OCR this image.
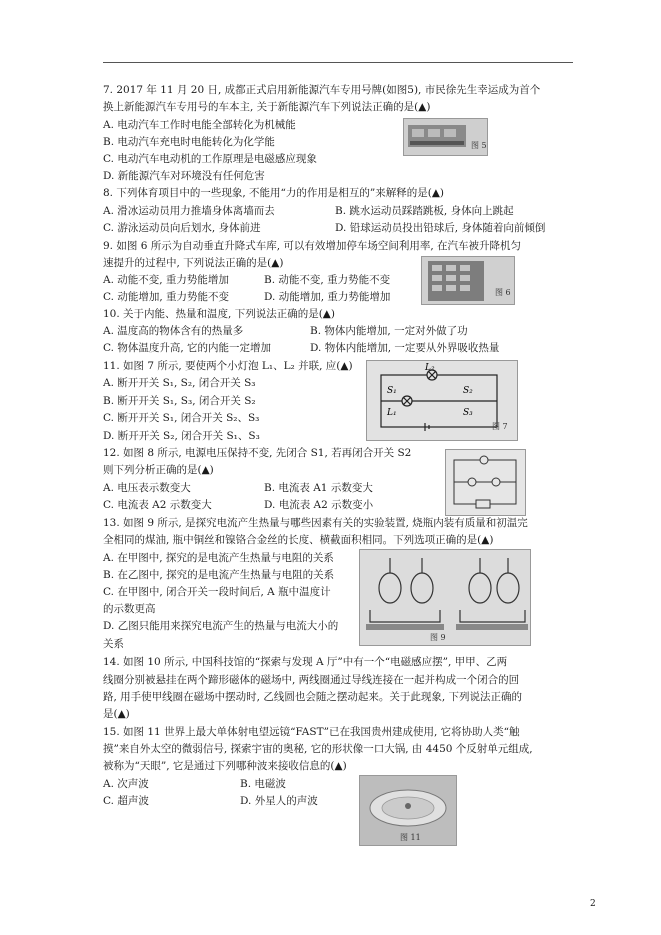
7. 2017 年 11 月 20 日, 成都正式启用新能源汽车专用号牌(如图5), 市民徐先生幸运成为首个
换上新能源汽车专用号的车本主, 关于新能源汽车下列说法正确的是(▲)
A. 电动汽车工作时电能全部转化为机械能
B. 电动汽车充电时电能转化为化学能
C. 电动汽车电动机的工作原理是电磁感应现象
D. 新能源汽车对环境没有任何危害
图 5
8. 下列体育项目中的一些现象, 不能用“力的作用是相互的”来解释的是(▲)
A. 滑冰运动员用力推墙身体离墙而去	B. 跳水运动员踩踏跳板, 身体向上跳起
C. 游泳运动员向后划水, 身体前进	D. 铅球运动员投出铅球后, 身体随着向前倾倒
9. 如图 6 所示为自动垂直升降式车库, 可以有效增加停车场空间利用率, 在汽车被升降机匀
速提升的过程中, 下列说法正确的是(▲)
A. 动能不变, 重力势能增加	B. 动能不变, 重力势能不变
C. 动能增加, 重力势能不变	D. 动能增加, 重力势能增加	图 6
10. 关于内能、热量和温度, 下列说法正确的是(▲)
A. 温度高的物体含有的热量多	B. 物体内能增加, 一定对外做了功
C. 物体温度升高, 它的内能一定增加	D. 物体内能增加, 一定要从外界吸收热量
11. 如图 7 所示, 要使两个小灯泡 L₁、L₂ 并联, 应(▲)
A. 断开开关 S₁, S₂, 闭合开关 S₃
B. 断开开关 S₁, S₃, 闭合开关 S₂
C. 断开开关 S₁, 闭合开关 S₂、S₃
D. 断开开关 S₂, 闭合开关 S₁、S₃
S₁
L₂
S₂
L₁	S₃
图 7
12. 如图 8 所示, 电源电压保持不变, 先闭合 S1, 若再闭合开关 S2
则下列分析正确的是(▲)
A. 电压表示数变大	B. 电流表 A1 示数变大
C. 电流表 A2 示数变大	D. 电流表 A2 示数变小
13. 如图 9 所示, 是探究电流产生热量与哪些因素有关的实验装置, 烧瓶内装有质量和初温完
全相同的煤油, 瓶中铜丝和镍铬合金丝的长度、横截面积相同。下列选项正确的是(▲)
A. 在甲图中, 探究的是电流产生热量与电阻的关系
B. 在乙图中, 探究的是电流产生热量与电阻的关系
C. 在甲图中, 闭合开关一段时间后, A 瓶中温度计
的示数更高
D. 乙图只能用来探究电流产生的热量与电流大小的
关系
图 9
14. 如图 10 所示, 中国科技馆的“探索与发现 A 厅”中有一个“电磁感应摆”, 甲甲、乙两
线圈分别被悬挂在两个蹄形磁体的磁场中, 两线圈通过导线连接在一起并构成一个闭合的回
路, 用手使甲线圈在磁场中摆动时, 乙线圆也会随之摆动起来。关于此现象, 下列说法正确的
是(▲)
15. 如图 11 世界上最大单体射电望远镜“FAST”已在我国贵州建成使用, 它将协助人类“触
摸”来自外太空的微弱信号, 探索宇宙的奥秘, 它的形状像一口大锅, 由 4450 个反射单元组成,
被称为“天眼”, 它是通过下列哪种波来接收信息的(▲)
A. 次声波	B. 电磁波
C. 超声波	D. 外星人的声波
图 11
2
